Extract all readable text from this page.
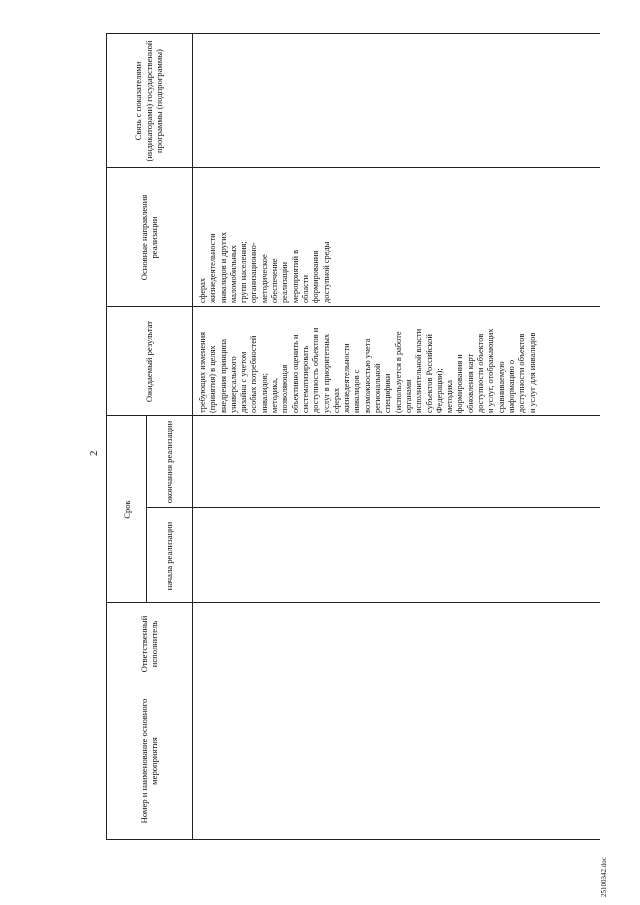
2
25100342.doc
Номер и наименование основного мероприятия
Ответственный исполнитель
Срок
начала реализации
окончания реализации
Ожидаемый результат
Основные направления реализации
Связь с показателями (индикаторами) государственной программы (подпрограммы)
требующих изменения (принятия) в целях внедрения принципа универсального дизайна с учетом особых потребностей инвалидов; методика, позволяющая объективно оценить и систематизировать доступность объектов и услуг в приоритетных сферах жизнедеятельности инвалидов с возможностью учета региональной специфики (используется в работе органами исполнительной власти субъектов Российской Федерации); методика формирования и обновления карт доступности объектов и услуг, отображающих сравниваемую информацию о доступности объектов и услуг для инвалидов
сферах жизнедеятельности инвалидов и других маломобильных групп населения; организационно- методическое обеспечение реализации мероприятий в области формирования доступной среды
